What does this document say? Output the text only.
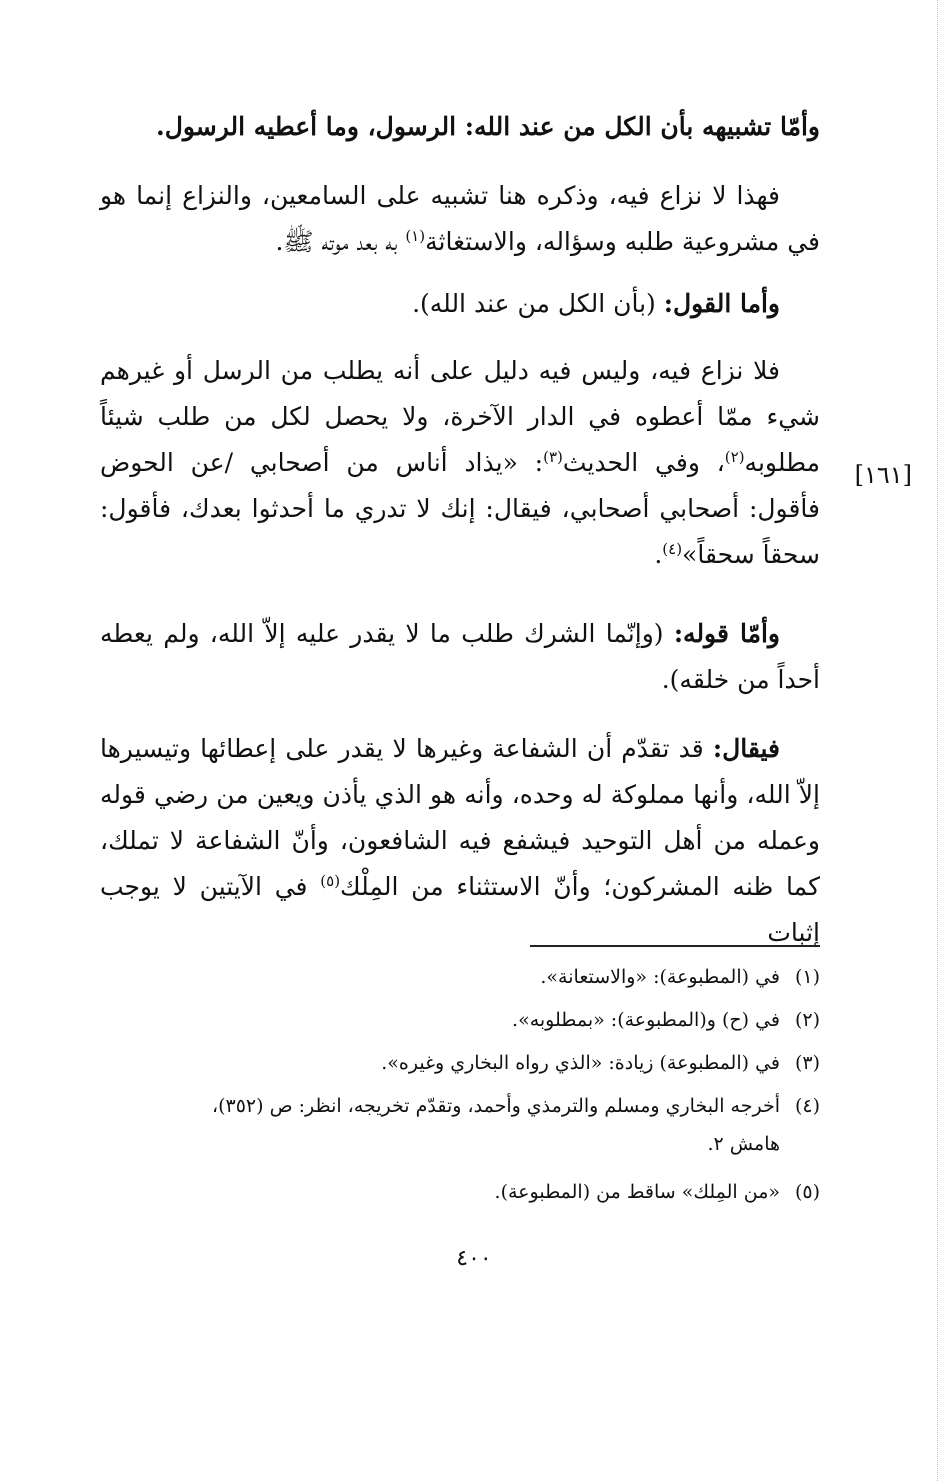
وأمّا تشبيهه بأن الكل من عند الله: الرسول، وما أعطيه الرسول.
فهذا لا نزاع فيه، وذكره هنا تشبيه على السامعين، والنزاع إنما هو في مشروعية طلبه وسؤاله، والاستغاثة$^{(١)}$ به بعد موته ﷺ.
وأما القول: (بأن الكل من عند الله).
فلا نزاع فيه، وليس فيه دليل على أنه يطلب من الرسل أو غيرهم شيء ممّا أعطوه في الدار الآخرة، ولا يحصل لكل من طلب شيئاً مطلوبه$^{(٢)}$، وفي الحديث$^{(٣)}$: «يذاد أناس من أصحابي /عن الحوض فأقول: أصحابي أصحابي، فيقال: إنك لا تدري ما أحدثوا بعدك، فأقول: سحقاً سحقاً»$^{(٤)}$.
[١٦١]
وأمّا قوله: (وإنّما الشرك طلب ما لا يقدر عليه إلاّ الله، ولم يعطه أحداً من خلقه).
فيقال: قد تقدّم أن الشفاعة وغيرها لا يقدر على إعطائها وتيسيرها إلاّ الله، وأنها مملوكة له وحده، وأنه هو الذي يأذن ويعين من رضي قوله وعمله من أهل التوحيد فيشفع فيه الشافعون، وأنّ الشفاعة لا تملك، كما ظنه المشركون؛ وأنّ الاستثناء من المِلْك$^{(٥)}$ في الآيتين لا يوجب إثبات
(١)في (المطبوعة): «والاستعانة».
(٢)في (ح) و(المطبوعة): «بمطلوبه».
(٣)في (المطبوعة) زيادة: «الذي رواه البخاري وغيره».
(٤)أخرجه البخاري ومسلم والترمذي وأحمد، وتقدّم تخريجه، انظر: ص (٣٥٢)،
هامش ٢.
(٥)«من المِلك» ساقط من (المطبوعة).
٤٠٠
